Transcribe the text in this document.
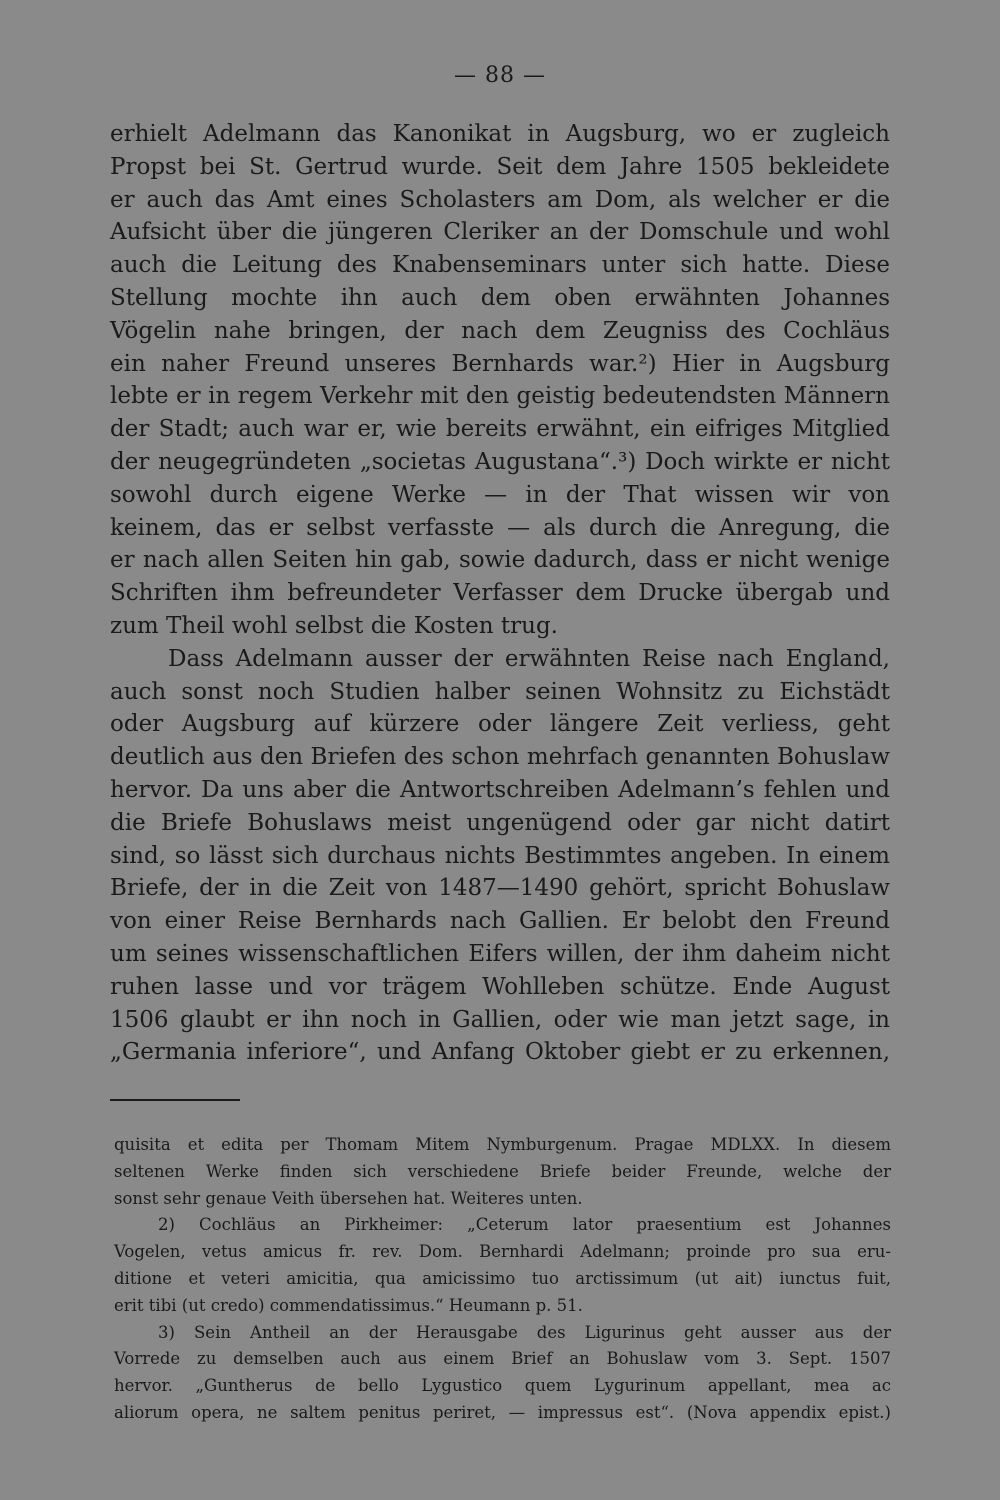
— 88 —
erhielt Adelmann das Kanonikat in Augsburg, wo er zugleich
Propst bei St. Gertrud wurde. Seit dem Jahre 1505 bekleidete
er auch das Amt eines Scholasters am Dom, als welcher er die
Aufsicht über die jüngeren Cleriker an der Domschule und wohl
auch die Leitung des Knabenseminars unter sich hatte. Diese
Stellung mochte ihn auch dem oben erwähnten Johannes
Vögelin nahe bringen, der nach dem Zeugniss des Cochläus
ein naher Freund unseres Bernhards war.²) Hier in Augsburg
lebte er in regem Verkehr mit den geistig bedeutendsten Männern
der Stadt; auch war er, wie bereits erwähnt, ein eifriges Mitglied
der neugegründeten „societas Augustana“.³) Doch wirkte er nicht
sowohl durch eigene Werke — in der That wissen wir von
keinem, das er selbst verfasste — als durch die Anregung, die
er nach allen Seiten hin gab, sowie dadurch, dass er nicht wenige
Schriften ihm befreundeter Verfasser dem Drucke übergab und
zum Theil wohl selbst die Kosten trug.
Dass Adelmann ausser der erwähnten Reise nach England,
auch sonst noch Studien halber seinen Wohnsitz zu Eichstädt
oder Augsburg auf kürzere oder längere Zeit verliess, geht
deutlich aus den Briefen des schon mehrfach genannten Bohuslaw
hervor. Da uns aber die Antwortschreiben Adelmann’s fehlen und
die Briefe Bohuslaws meist ungenügend oder gar nicht datirt
sind, so lässt sich durchaus nichts Bestimmtes angeben. In einem
Briefe, der in die Zeit von 1487—1490 gehört, spricht Bohuslaw
von einer Reise Bernhards nach Gallien. Er belobt den Freund
um seines wissenschaftlichen Eifers willen, der ihm daheim nicht
ruhen lasse und vor trägem Wohlleben schütze. Ende August
1506 glaubt er ihn noch in Gallien, oder wie man jetzt sage, in
„Germania inferiore“, und Anfang Oktober giebt er zu erkennen,
quisita et edita per Thomam Mitem Nymburgenum. Pragae MDLXX. In diesem
seltenen Werke finden sich verschiedene Briefe beider Freunde, welche der
sonst sehr genaue Veith übersehen hat. Weiteres unten.
2) Cochläus an Pirkheimer: „Ceterum lator praesentium est Johannes
Vogelen, vetus amicus fr. rev. Dom. Bernhardi Adelmann; proinde pro sua eru-
ditione et veteri amicitia, qua amicissimo tuo arctissimum (ut ait) iunctus fuit,
erit tibi (ut credo) commendatissimus.“ Heumann p. 51.
3) Sein Antheil an der Herausgabe des Ligurinus geht ausser aus der
Vorrede zu demselben auch aus einem Brief an Bohuslaw vom 3. Sept. 1507
hervor. „Guntherus de bello Lygustico quem Lygurinum appellant, mea ac
aliorum opera, ne saltem penitus periret, — impressus est“. (Nova appendix epist.)
